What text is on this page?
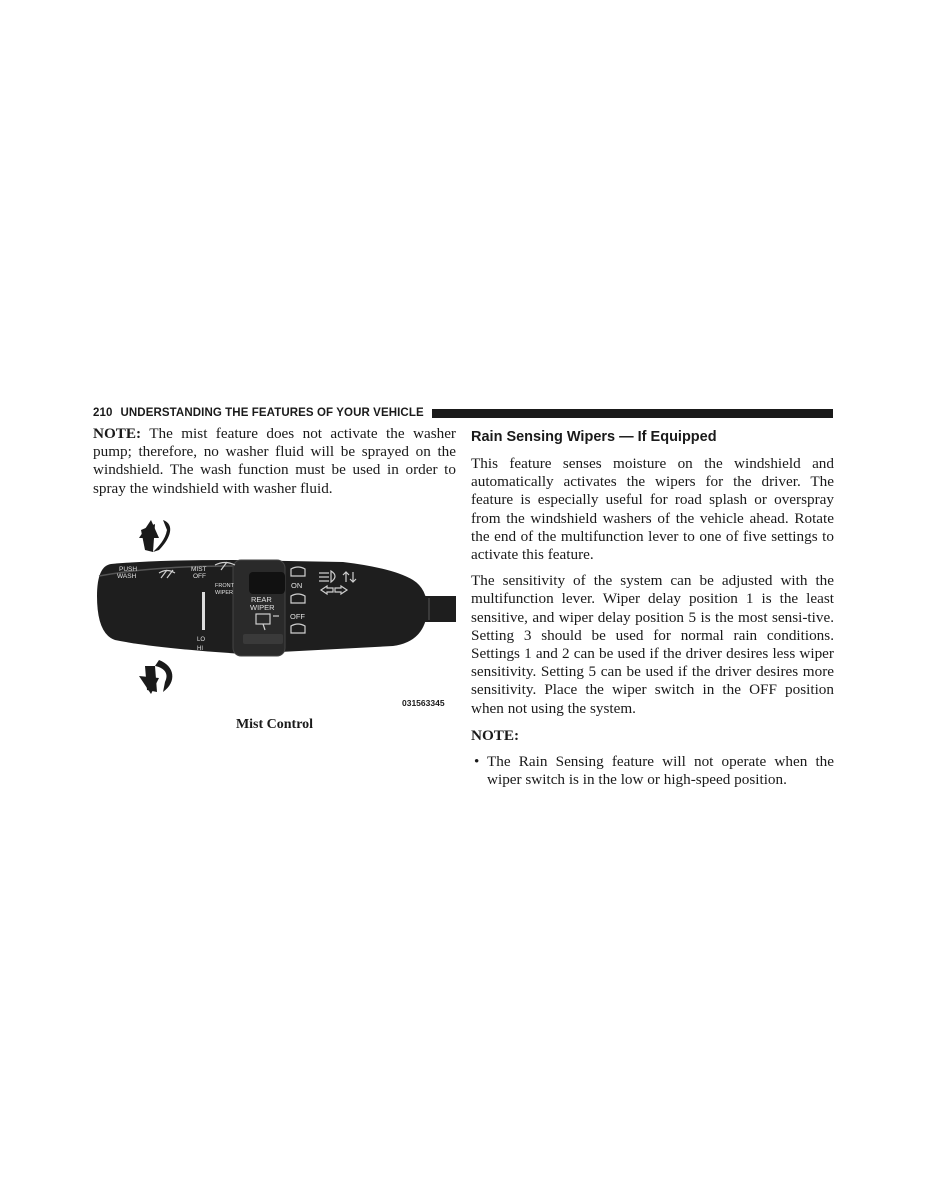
210 UNDERSTANDING THE FEATURES OF YOUR VEHICLE

NOTE: The mist feature does not activate the washer pump; therefore, no washer fluid will be sprayed on the windshield. The wash function must be used in order to spray the windshield with washer fluid.

PUSH
WASH
MIST
OFF
FRONT
WIPER
REAR
WIPER
ON
OFF
LO
HI
031563345
Mist Control
Rain Sensing Wipers — If Equipped

This feature senses moisture on the windshield and automatically activates the wipers for the driver. The feature is especially useful for road splash or overspray from the windshield washers of the vehicle ahead. Rotate the end of the multifunction lever to one of five settings to activate this feature.

The sensitivity of the system can be adjusted with the multifunction lever. Wiper delay position 1 is the least sensitive, and wiper delay position 5 is the most sensi-tive. Setting 3 should be used for normal rain conditions. Settings 1 and 2 can be used if the driver desires less wiper sensitivity. Setting 5 can be used if the driver desires more sensitivity. Place the wiper switch in the OFF position when not using the system.

NOTE:

• The Rain Sensing feature will not operate when the wiper switch is in the low or high-speed position.
